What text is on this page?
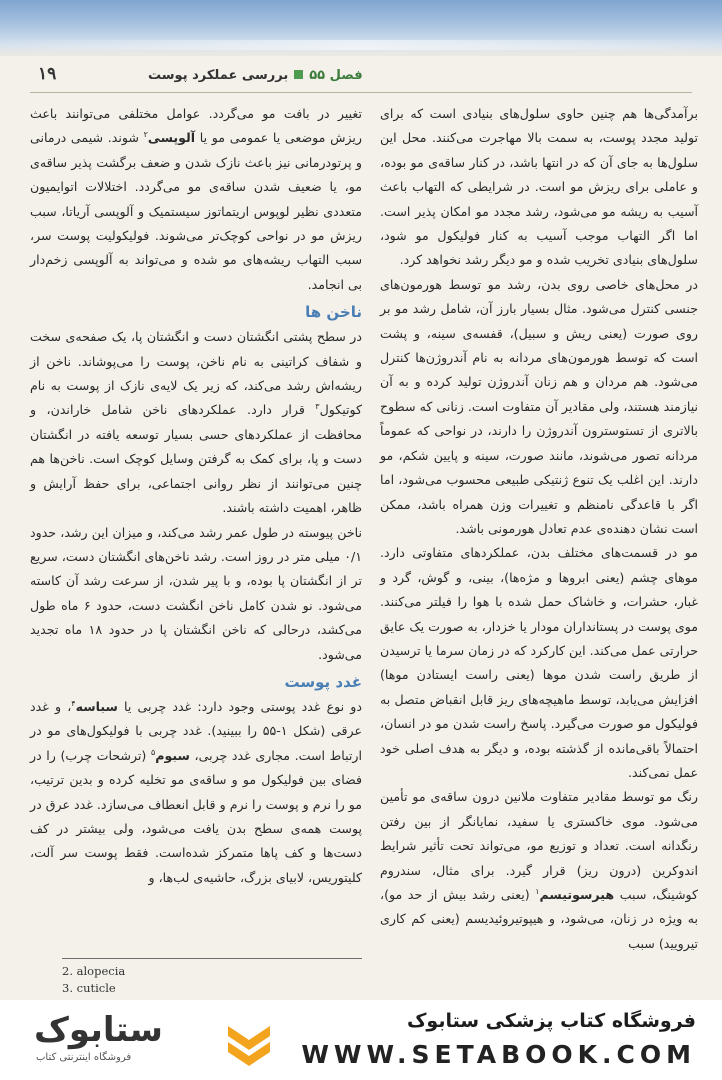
۱۹	فصل ۵۵بررسی عملکرد پوست

برآمدگی‌ها هم چنین حاوی سلول‌های بنیادی است که برای تولید مجدد پوست، به سمت بالا مهاجرت می‌کنند. محل این سلول‌ها به جای آن که در انتها باشد، در کنار ساقه‌ی مو بوده، و عاملی برای ریزش مو است. در شرایطی که التهاب باعث آسیب به ریشه مو می‌شود، رشد مجدد مو امکان پذیر است. اما اگر التهاب موجب آسیب به کنار فولیکول مو شود، سلول‌های بنیادی تخریب شده و مو دیگر رشد نخواهد کرد.

در محل‌های خاصی روی بدن، رشد مو توسط هورمون‌های جنسی کنترل می‌شود. مثال بسیار بارز آن، شامل رشد مو بر روی صورت (یعنی ریش و سبیل)، قفسه‌ی سینه، و پشت است که توسط هورمون‌های مردانه به نام آندروژن‌ها کنترل می‌شود. هم مردان و هم زنان آندروژن تولید کرده و به آن نیازمند هستند، ولی مقادیر آن متفاوت است. زنانی که سطوح بالاتری از تستوسترون آندروژن را دارند، در نواحی که عموماً مردانه تصور می‌شوند، مانند صورت، سینه و پایین شکم، مو دارند. این اغلب یک تنوع ژنتیکی طبیعی محسوب می‌شود، اما اگر با قاعدگی نامنظم و تغییرات وزن همراه باشد، ممکن است نشان دهنده‌ی عدم تعادل هورمونی باشد.

مو در قسمت‌های مختلف بدن، عملکردهای متفاوتی دارد. موهای چشم (یعنی ابروها و مژه‌ها)، بینی، و گوش، گرد و غبار، حشرات، و خاشاک حمل شده با هوا را فیلتر می‌کنند. موی پوست در پستانداران مودار یا خزدار، به صورت یک عایق حرارتی عمل می‌کند. این کارکرد که در زمان سرما یا ترسیدن از طریق راست شدن موها (یعنی راست ایستادن موها) افزایش می‌یابد، توسط ماهیچه‌های ریز قابل انقباض متصل به فولیکول مو صورت می‌گیرد. پاسخ راست شدن مو در انسان، احتمالاً باقی‌مانده از گذشته بوده، و دیگر به هدف اصلی خود عمل نمی‌کند.

رنگ مو توسط مقادیر متفاوت ملانین درون ساقه‌ی مو تأمین می‌شود. موی خاکستری یا سفید، نمایانگر از بین رفتن رنگدانه است. تعداد و توزیع مو، می‌تواند تحت تأثیر شرایط اندوکرین (درون ریز) قرار گیرد. برای مثال، سندروم کوشینگ، سبب هیرسوتیسم$^۱$ (یعنی رشد بیش از حد مو)، به ویژه در زنان، می‌شود، و هیپوتیروئیدیسم (یعنی کم کاری تیرویید) سبب

تغییر در بافت مو می‌گردد. عوامل مختلفی می‌توانند باعث ریزش موضعی یا عمومی مو یا آلوپسی$^۲$ شوند. شیمی درمانی و پرتودرمانی نیز باعث نازک شدن و ضعف برگشت پذیر ساقه‌ی مو، یا ضعیف شدن ساقه‌ی مو می‌گردد. اختلالات اتوایمیون متعددی نظیر لوپوس اریتماتوز سیستمیک و آلوپسی آریاتا، سبب ریزش مو در نواحی کوچک‌تر می‌شوند. فولیکولیت پوست سر، سبب التهاب ریشه‌های مو شده و می‌تواند به آلوپسی زخم‌دار بی انجامد.

ناخن ها

در سطح پشتی انگشتان دست و انگشتان پا، یک صفحه‌ی سخت و شفاف کراتینی به نام ناخن، پوست را می‌پوشاند. ناخن از ریشه‌اش رشد می‌کند، که زیر یک لایه‌ی نازک از پوست به نام کوتیکول$^۳$ قرار دارد. عملکردهای ناخن شامل خاراندن، و محافظت از عملکردهای حسی بسیار توسعه یافته در انگشتان دست و پا، برای کمک به گرفتن وسایل کوچک است. ناخن‌ها هم چنین می‌توانند از نظر روانی اجتماعی، برای حفظ آرایش و ظاهر، اهمیت داشته باشند.

ناخن پیوسته در طول عمر رشد می‌کند، و میزان این رشد، حدود ۰/۱ میلی متر در روز است. رشد ناخن‌های انگشتان دست، سریع تر از انگشتان پا بوده، و با پیر شدن، از سرعت رشد آن کاسته می‌شود. نو شدن کامل ناخن انگشت دست، حدود ۶ ماه طول می‌کشد، درحالی که ناخن انگشتان پا در حدود ۱۸ ماه تجدید می‌شود.

غدد پوست

دو نوع غدد پوستی وجود دارد: غدد چربی یا سباسه$^۴$، و غدد عرقی (شکل ۱-۵۵ را ببینید). غدد چربی با فولیکول‌های مو در ارتباط است. مجاری غدد چربی، سبوم$^۵$ (ترشحات چرب) را در فضای بین فولیکول مو و ساقه‌ی مو تخلیه کرده و بدین ترتیب، مو را نرم و پوست را نرم و قابل انعطاف می‌سازد. غدد عرق در پوست همه‌ی سطح بدن یافت می‌شود، ولی بیشتر در کف دست‌ها و کف پاها متمرکز شده‌است. فقط پوست سر آلت، کلیتوریس، لابیای بزرگ، حاشیه‌ی لب‌ها، و

2. alopecia
3. cuticle
ستابوک
فروشگاه اینترنتی کتاب
فروشگاه کتاب پزشکی ستابوک
WWW.SETABOOK.COM
